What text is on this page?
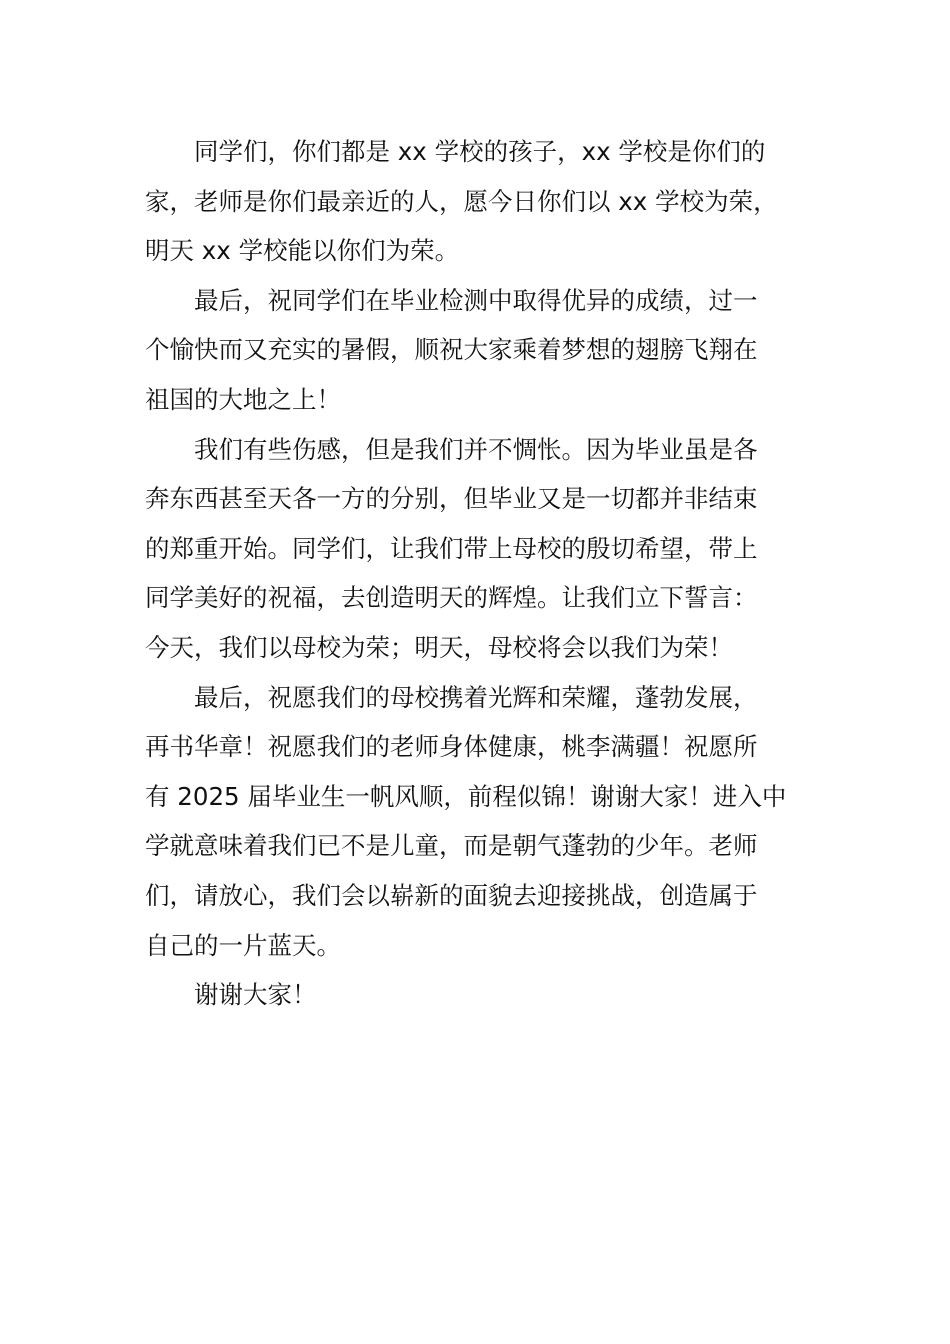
同学们，你们都是 xx 学校的孩子，xx 学校是你们的
家，老师是你们最亲近的人，愿今日你们以 xx 学校为荣，
明天 xx 学校能以你们为荣。
最后，祝同学们在毕业检测中取得优异的成绩，过一
个愉快而又充实的暑假，顺祝大家乘着梦想的翅膀飞翔在
祖国的大地之上！
我们有些伤感，但是我们并不惆怅。因为毕业虽是各
奔东西甚至天各一方的分别，但毕业又是一切都并非结束
的郑重开始。同学们，让我们带上母校的殷切希望，带上
同学美好的祝福，去创造明天的辉煌。让我们立下誓言：
今天，我们以母校为荣；明天，母校将会以我们为荣！
最后，祝愿我们的母校携着光辉和荣耀，蓬勃发展，
再书华章！祝愿我们的老师身体健康，桃李满疆！祝愿所
有 2025 届毕业生一帆风顺，前程似锦！谢谢大家！进入中
学就意味着我们已不是儿童，而是朝气蓬勃的少年。老师
们，请放心，我们会以崭新的面貌去迎接挑战，创造属于
自己的一片蓝天。
谢谢大家！
